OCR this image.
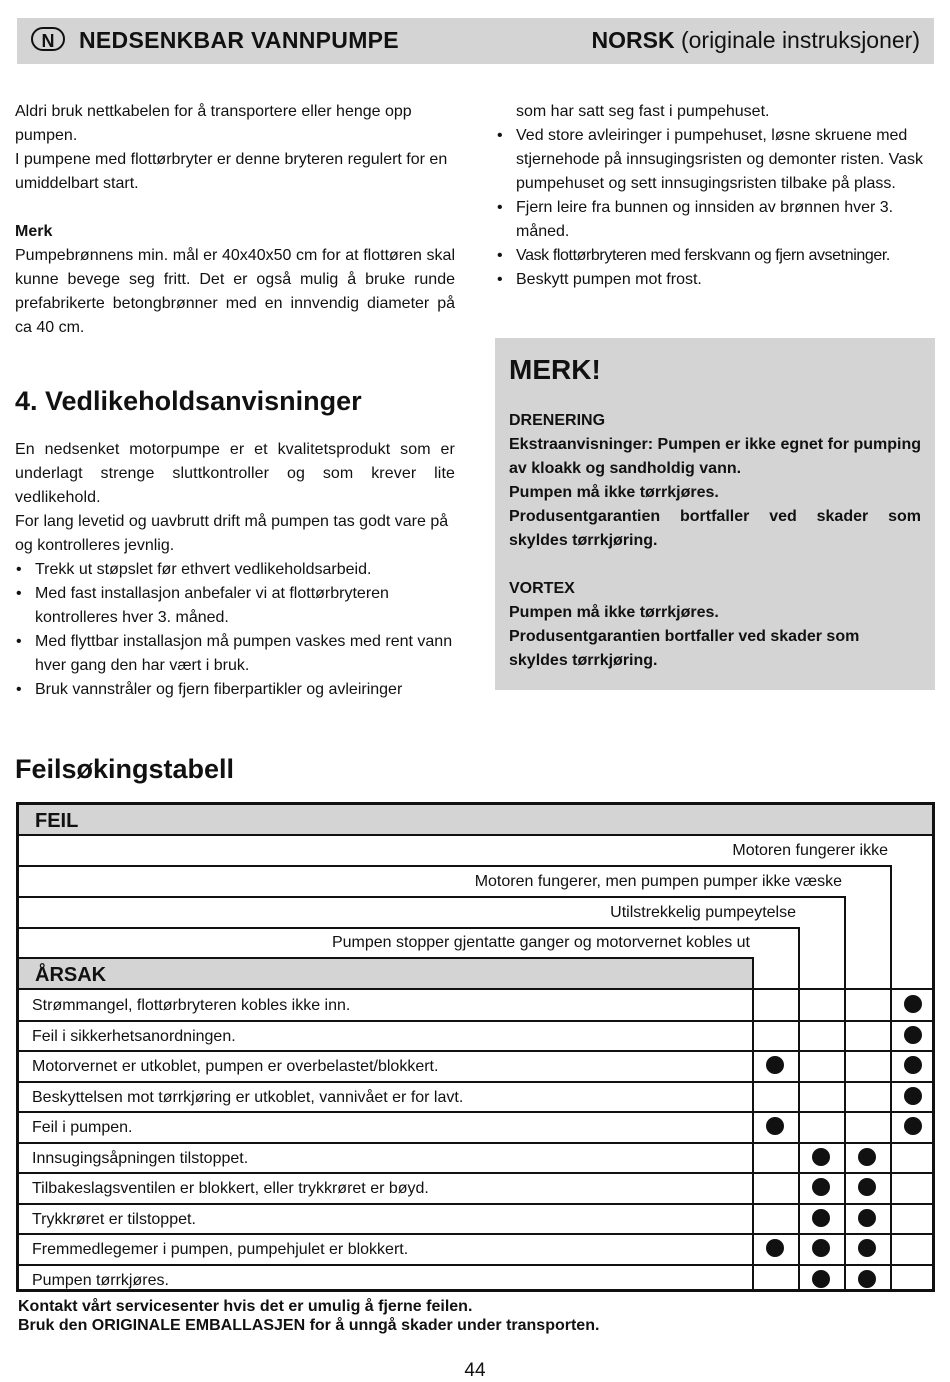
N	NEDSENKBAR VANNPUMPE	NORSK (originale instruksjoner)
Aldri bruk nettkabelen for å transportere eller henge opp pumpen.
I pumpene med flottørbryter er denne bryteren regulert for en umiddelbart start.
Merk
Pumpebrønnens min. mål er 40x40x50 cm for at flottøren skal kunne bevege seg fritt. Det er også mulig å bruke runde prefabrikerte betongbrønner med en innvendig diameter på ca 40 cm.
4. Vedlikeholdsanvisninger
En nedsenket motorpumpe er et kvalitetsprodukt som er underlagt strenge sluttkontroller og som krever lite vedlikehold.
For lang levetid og uavbrutt drift må pumpen tas godt vare på og kontrolleres jevnlig.
• Trekk ut støpslet før ethvert vedlikeholdsarbeid.
• Med fast installasjon anbefaler vi at flottørbryteren kontrolleres hver 3. måned.
• Med flyttbar installasjon må pumpen vaskes med rent vann hver gang den har vært i bruk.
• Bruk vannstråler og fjern fiberpartikler og avleiringer
som har satt seg fast i pumpehuset.
• Ved store avleiringer i pumpehuset, løsne skruene med stjernehode på innsugingsristen og demonter risten. Vask pumpehuset og sett innsugingsristen tilbake på plass.
• Fjern leire fra bunnen og innsiden av brønnen hver 3. måned.
• Vask flottørbryteren med ferskvann og fjern avsetninger.
• Beskytt pumpen mot frost.
MERK!
DRENERING
Ekstraanvisninger: Pumpen er ikke egnet for pumping av kloakk og sandholdig vann.
Pumpen må ikke tørrkjøres.
Produsentgarantien bortfaller ved skader som skyldes tørrkjøring.
VORTEX
Pumpen må ikke tørrkjøres.
Produsentgarantien bortfaller ved skader som skyldes tørrkjøring.
Feilsøkingstabell
FEIL
Motoren fungerer ikke
Motoren fungerer, men pumpen pumper ikke væske
Utilstrekkelig pumpeytelse
Pumpen stopper gjentatte ganger og motorvernet kobles ut
ÅRSAK
Strømmangel, flottørbryteren kobles ikke inn.
Feil i sikkerhetsanordningen.
Motorvernet er utkoblet, pumpen er overbelastet/blokkert.
Beskyttelsen mot tørrkjøring er utkoblet, vannivået er for lavt.
Feil i pumpen.
Innsugingsåpningen tilstoppet.
Tilbakeslagsventilen er blokkert, eller trykkrøret er bøyd.
Trykkrøret er tilstoppet.
Fremmedlegemer i pumpen, pumpehjulet er blokkert.
Pumpen tørrkjøres.
Kontakt vårt servicesenter hvis det er umulig å fjerne feilen.
Bruk den ORIGINALE EMBALLASJEN for å unngå skader under transporten.
44
